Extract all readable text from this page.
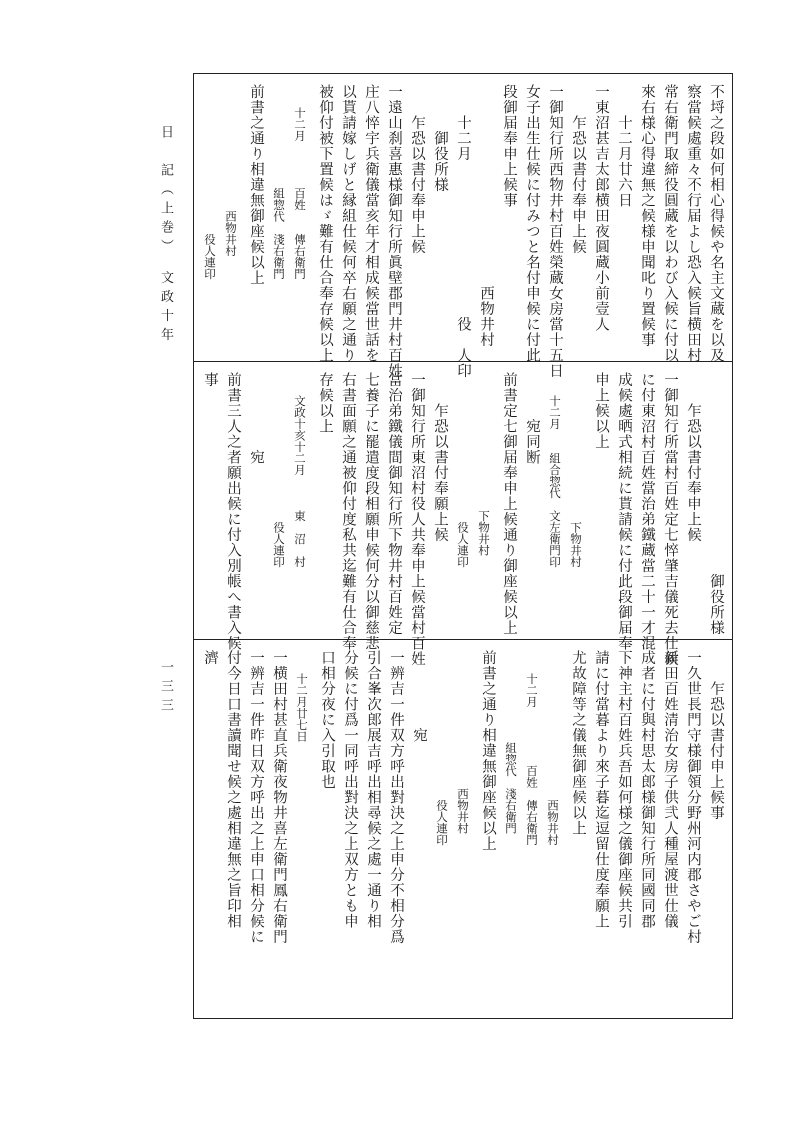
日　記（上巻）　文政十年
一三三
不埒之段如何相心得候や名主文蔵を以及
察當候處重々不行届よし恐入候旨横田村
常右衛門取締役圓蔵を以わび入候に付以
來右様心得違無之候様申聞叱り置候事
　　十二月廿六日
一東沼甚吉太郎横田夜圓蔵小前壹人
　　乍恐以書付奉申上候
一御知行所西物井村百姓榮蔵女房當十五日
女子出生仕候に付みつと名付申候に付此
段御届奉申上候事
　　　　　　　　　　　　　西物井村
　　十二月　　　　　　　　　　役　人印
　　　御役所様
　　乍恐以書付奉申上候
一遠山刹喜惠様御知行所眞壁郡門井村百姓
庄八悴宇兵衛儀當亥年才相成候當世話を
以貰請嫁しげと縁組仕候何卒右願之通り
被仰付被下置候はゞ難有仕合奉存候以上
　　十二月　　　　百姓　　傳右衛門
　　　　　　　　　組惣代　淺右衛門
前書之通り相違無御座候以上
　　　　　　　　　　　西物井村
　　　　　　　　　　　　　役人連印
　　　　　　　　　　　　　御役所様
　　乍恐以書付奉申上候
一御知行所當村百姓定七悴肇吉儀死去仕候
に付東沼村百姓當治弟鐵蔵當二十一才混
成候處晒式相続に貰請候に付此段御届奉
申上候以上
　　　　　　　　　　　　　下物井村
　　十二月　　組合惣代　文左衛門印
　　　宛同断
前書定七御届奉申上候通り御座候以上
　　　　　　　　　　　　下物井村
　　　　　　　　　　　　　役人連印
　　乍恐以書付奉願上候
一御知行所東沼村役人共奉申上候當村百姓
當治弟鐵儀間御知行所下物井村百姓定
七養子に罷遣度段相願申候何分以御慈悲
右書面願之通被仰付度私共迄難有仕合奉
存候以上
　　文政十亥十二月　　　東　沼　村
　　　　　　　　　　　　　役人連印
　　　　　宛
前書三人之者願出候に付入別帳へ書入候
事
　　乍恐以書付申上候事
一久世長門守様御領分野州河内郡さやご村
新田百姓清治女房子供弐人種屋渡世仕儀
成者に付與村思太郎様御知行所同國同郡
下神主村百姓兵吾如何様之儀御座候共引
請に付當暮より來子暮迄逗留仕度奉願上
尤故障等之儀無御座候以上
　　　　　　　　　　　　　西物井村
　　十二月　　　　　百姓　傳右衛門
　　　　　　　　組惣代　淺右衛門
前書之通り相違無御座候以上
　　　　　　　　　　　　西物井村
　　　　　　　　　　　　　役人連印
　　　　　宛
一辨吉一件双方呼出對決之上申分不相分爲
引合峯次郎展吉呼出相尋候之處一通り相
分候に付爲一同呼出對決之上双方とも申
口相分夜に入引取也
　　十二月廿七日
一横田村甚直兵衛夜物井喜左衛門鳳右衛門
一辨吉一件昨日双方呼出之上申口相分候に
付今日口書讀聞せ候之處相違無之旨印相
濟
